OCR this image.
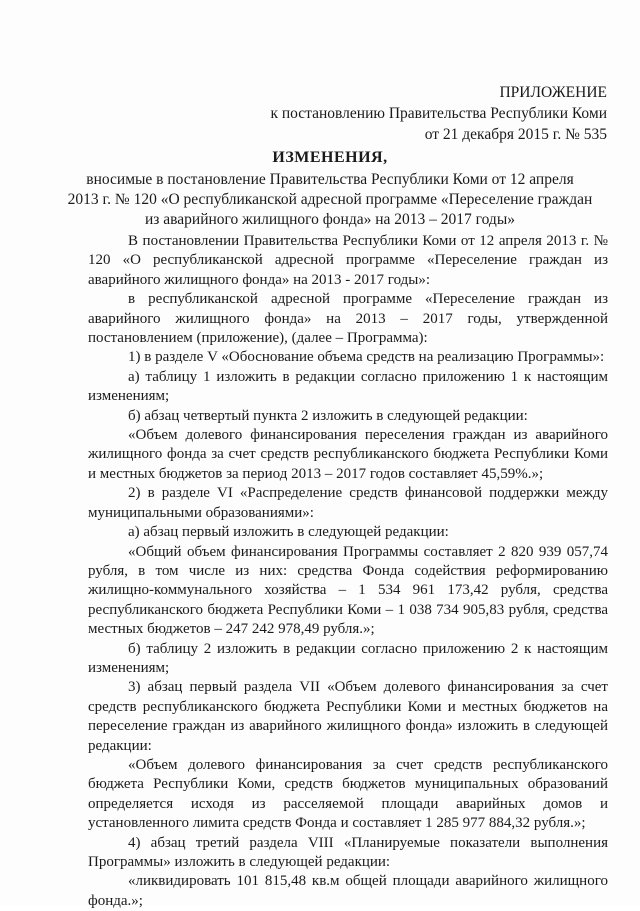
ПРИЛОЖЕНИЕ
к постановлению Правительства Республики Коми
от 21 декабря 2015 г. № 535
ИЗМЕНЕНИЯ,
вносимые в постановление Правительства Республики Коми от 12 апреля
2013 г. № 120 «О республиканской адресной программе «Переселение граждан
из аварийного жилищного фонда» на 2013 – 2017 годы»

В постановлении Правительства Республики Коми от 12 апреля 2013 г. № 120 «О республиканской адресной программе «Переселение граждан из аварийного жилищного фонда» на 2013 - 2017 годы»:

в республиканской адресной программе «Переселение граждан из аварийного жилищного фонда» на 2013 – 2017 годы, утвержденной постановлением (приложение), (далее – Программа):

1) в разделе V «Обоснование объема средств на реализацию Программы»:

а) таблицу 1 изложить в редакции согласно приложению 1 к настоящим изменениям;

б) абзац четвертый пункта 2 изложить в следующей редакции:

«Объем долевого финансирования переселения граждан из аварийного жилищного фонда за счет средств республиканского бюджета Республики Коми и местных бюджетов за период 2013 – 2017 годов составляет 45,59%.»;

2) в разделе VI «Распределение средств финансовой поддержки между муниципальными образованиями»:

а) абзац первый изложить в следующей редакции:

«Общий объем финансирования Программы составляет 2 820 939 057,74 рубля, в том числе из них: средства Фонда содействия реформированию жилищно-коммунального хозяйства – 1 534 961 173,42 рубля, средства республиканского бюджета Республики Коми – 1 038 734 905,83 рубля, средства местных бюджетов – 247 242 978,49 рубля.»;

б) таблицу 2 изложить в редакции согласно приложению 2 к настоящим изменениям;

3) абзац первый раздела VII «Объем долевого финансирования за счет средств республиканского бюджета Республики Коми и местных бюджетов на переселение граждан из аварийного жилищного фонда» изложить в следующей редакции:

«Объем долевого финансирования за счет средств республиканского бюджета Республики Коми, средств бюджетов муниципальных образований определяется исходя из расселяемой площади аварийных домов и установленного лимита средств Фонда и составляет 1 285 977 884,32 рубля.»;

4) абзац третий раздела VIII «Планируемые показатели выполнения Программы» изложить в следующей редакции:

«ликвидировать 101 815,48 кв.м общей площади аварийного жилищного фонда.»;
